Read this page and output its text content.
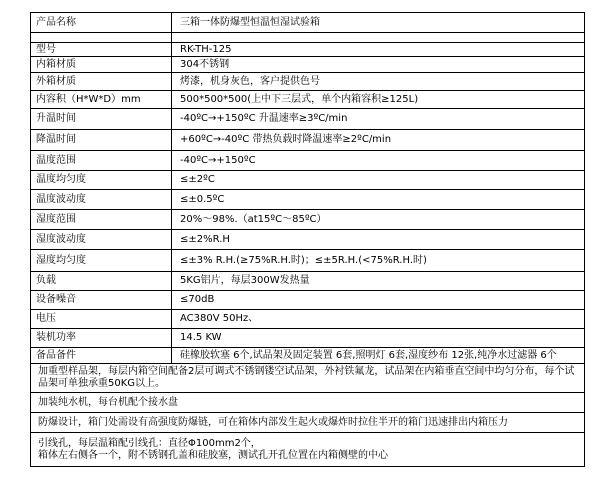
产品名称	三箱一体防爆型恒温恒湿试验箱

型号	RK-TH-125
内箱材质	304不锈钢
外箱材质	烤漆，机身灰色，客户提供色号
内容积（H*W*D）mm	500*500*500(上中下三层式，单个内箱容积≥125L)
升温时间	-40ºC→+150ºC 升温速率≥3ºC/min
降温时间	+60ºC→-40ºC 带热负载时降温速率≥2ºC/min
温度范围	-40ºC→+150ºC
温度均匀度	≤±2ºC
温度波动度	≤±0.5ºC
湿度范围	20%～98%.（at15ºC～85ºC）
湿度波动度	≤±2%R.H
湿度均匀度	≤±3% R.H.(≥75%R.H.时)；≤±5R.H.(<75%R.H.时)
负载	5KG铝片，每层300W发热量
设备噪音	≤70dB
电压	AC380V 50Hz、
装机功率	14.5 KW
备品备件	硅橡胶软塞 6个,试品架及固定装置 6套,照明灯 6套,湿度纱布 12张,纯净水过滤器 6个
加重型样品架，每层内箱空间配备2层可调式不锈钢镂空试品架，外衬铁氟龙，试品架在内箱垂直空间中均匀分布，每个试品架可单独承重50KG以上。	
加装纯水机，每台机配个接水盘	
防爆设计，箱门处需设有高强度防爆链，可在箱体内部发生起火或爆炸时拉住半开的箱门迅速排出内箱压力	
引线孔，每层温箱配引线孔：直径Φ100mm2个，
箱体左右侧各一个，附不锈钢孔盖和硅胶塞，测试孔开孔位置在内箱侧壁的中心	
